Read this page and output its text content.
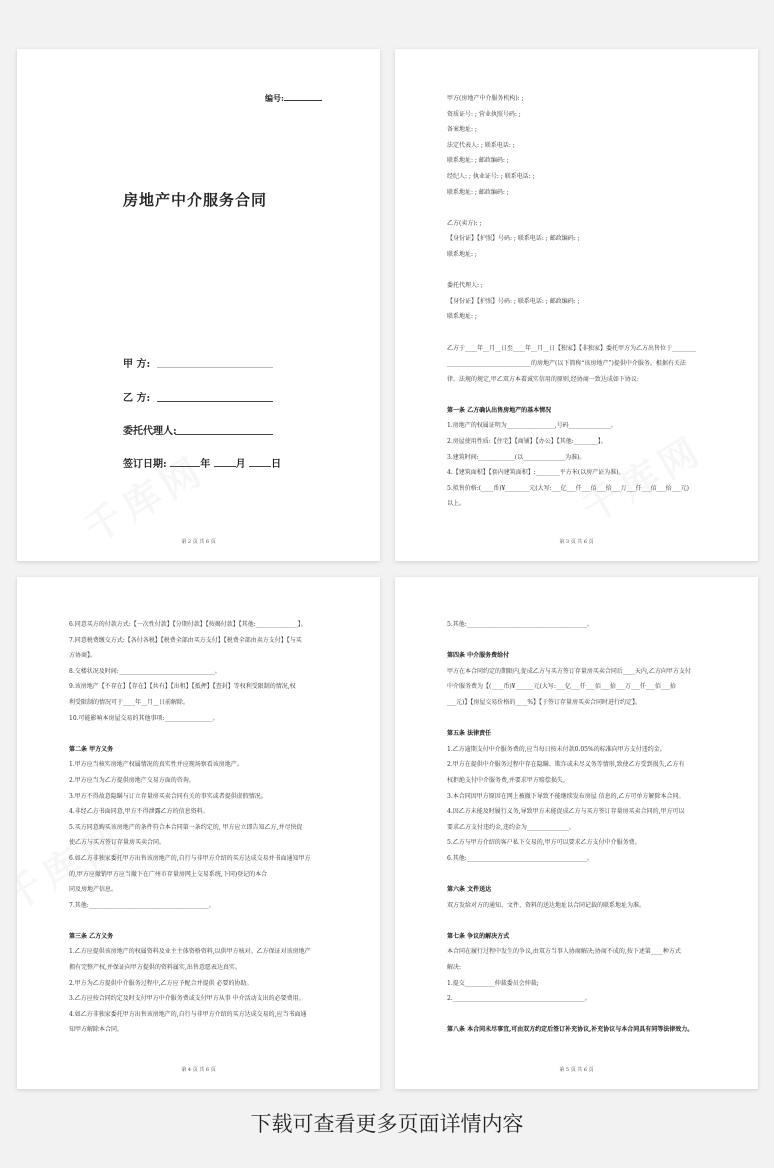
编号:
房地产中介服务合同
甲 方:
乙 方:
委托代理人:
签订日期:	年	月	日
第 2 页 共 6 页
甲方(房地产中介服务机构): ;
资质证号: ; 营业执照号码: ;
备案地址: ;
法定代表人: ; 联系电话: ;
联系地址: ; 邮政编码: ;
经纪人: ; 执业证号: ; 联系电话: ;
联系地址: ; 邮政编码: ;
乙方(卖方): ;
【身份证】【护照】号码: ; 联系电话: ; 邮政编码: ;
联系地址: ;
委托代理人: ;
【身份证】【护照】号码: ; 联系电话: ; 邮政编码: ;
联系地址: ;
乙方于____年__月__日至____年__月__日【独家】【非独家】委托甲方为乙方出售位于________
____________________________的房地产(以下简称“该房地产”)提供中介服务。根据有关法
律、法规的规定,甲乙双方本着诚实信用的原则,经协商一致达成如下协议:
第一条 乙方确认出售房地产的基本情况
1.房地产的权属证明为________________,号码______________。
2.房屋使用性质:【住宅】【商铺】【办公】【其他:________】。
3.建筑时间:____________(以______________为准)。
4.【建筑面积】【套内建筑面积】:________平方米(以房产证为准)。
5.拟售价格:(____币)¥________元(大写:___亿___仟___佰___拾___万___仟___佰___拾___元)
以上。
第 3 页 共 6 页
6.同意买方的付款方式:【一次性付款】【分期付款】【按揭付款】【其他:______________】。
7.同意税费缴交方式:【各付各税】【税费全部由买方支付】【税费全部由卖方支付】【与买
方协商】。
8.交楼状况及时间:________________________________。
9.该房地产【不存在】【存在】【共有】【出租】【抵押】【查封】等权利受限制的情况,权
利受限制的情况可于____年__月__日前解除。
10.可能影响本房屋交易的其他事项:________________。
第二条 甲方义务
1.甲方应当核实房地产权属情况的真实性并应现场察看该房地产。
2.甲方应当为乙方提供房地产交易方面的咨询。
3.甲方不得故意隐瞒与订立存量房买卖合同有关的事实或者提供虚假情况。
4.非经乙方书面同意,甲方不得泄露乙方的信息资料。
5.买方同意购买该房地产的条件符合本合同第一条约定的, 甲方应立即告知乙方,并尽快促
使乙方与买方签订存量房买卖合同。
6.如乙方非独家委托甲方出售该房地产的,自行与非甲方介绍的买方达成交易并书面通知甲方
的,甲方应撤销甲方应当撤下在广州市存量房网上交易系统,下同)登记的本合
同及房地产信息。
7.其他:________________________________________。
第三条 乙方义务
1.乙方应提供该房地产的权属资料及业主主体资格资料,以供甲方核对。乙方保证对该房地产
拥有完整产权,并保证向甲方提供的资料属实,出售意愿表达真实。
2.甲方为乙方提供中介服务过程中,乙方应予配合并提供 必要的协助。
3.乙方应按合同约定及时支付甲方中介服务费或支付甲方从事 中介活动支出的必要费用。
4.如乙方非独家委托甲方出售该房地产的,自行与非甲方介绍的买方达成交易的,应当书面通
知甲方解除本合同。
第 4 页 共 6 页
5.其他:________________________________________。
第四条 中介服务费给付
甲方在本合同约定的期限内,促成乙方与买方签订存量房买卖合同后____天内,乙方向甲方支付
中介服务费为【(____币)¥______元(大写:___亿___仟___佰___拾___万___仟___佰___拾
___元)】【房屋交易价格的____%】【于签订存量房买卖合同时进行约定】。
第五条 法律责任
1.乙方逾期支付中介服务费的,应当每日按未付款0.05%的标准向甲方支付违约金。
2.甲方在提供中介服务过程中存在隐瞒、欺诈或未尽义务等情形,致使乙方受到损失,乙方有
权拒绝支付中介服务费,并要求甲方赔偿损失。
3.本合同因甲方原因在网上被撤下导致不能继续发布房屋 信息的,乙方可单方解除本合同。
4.因乙方未能及时履行义务,导致甲方未能促成乙方与买方签订存量房买卖合同的,甲方可以
要求乙方支付违约金,违约金为______________。
5.乙方与甲方介绍的客户私下交易的,甲方可以要求乙方支付中介服务费。
6.其他:________________________________________。
第六条 文件送达
双方发给对方的通知、文件、资料的送达地址以合同记载的联系地址为准。
第七条 争议的解决方式
本合同在履行过程中发生的争议,由双方当事人协商解决;协商不成的,按下述第____种方式
解决:
1.提交__________仲裁委员会仲裁;
2.____________________________________________。
第八条 本合同未尽事宜,可由双方约定后签订补充协议,补充协议与本合同具有同等法律效力。
第 5 页 共 6 页
下载可查看更多页面详情内容
